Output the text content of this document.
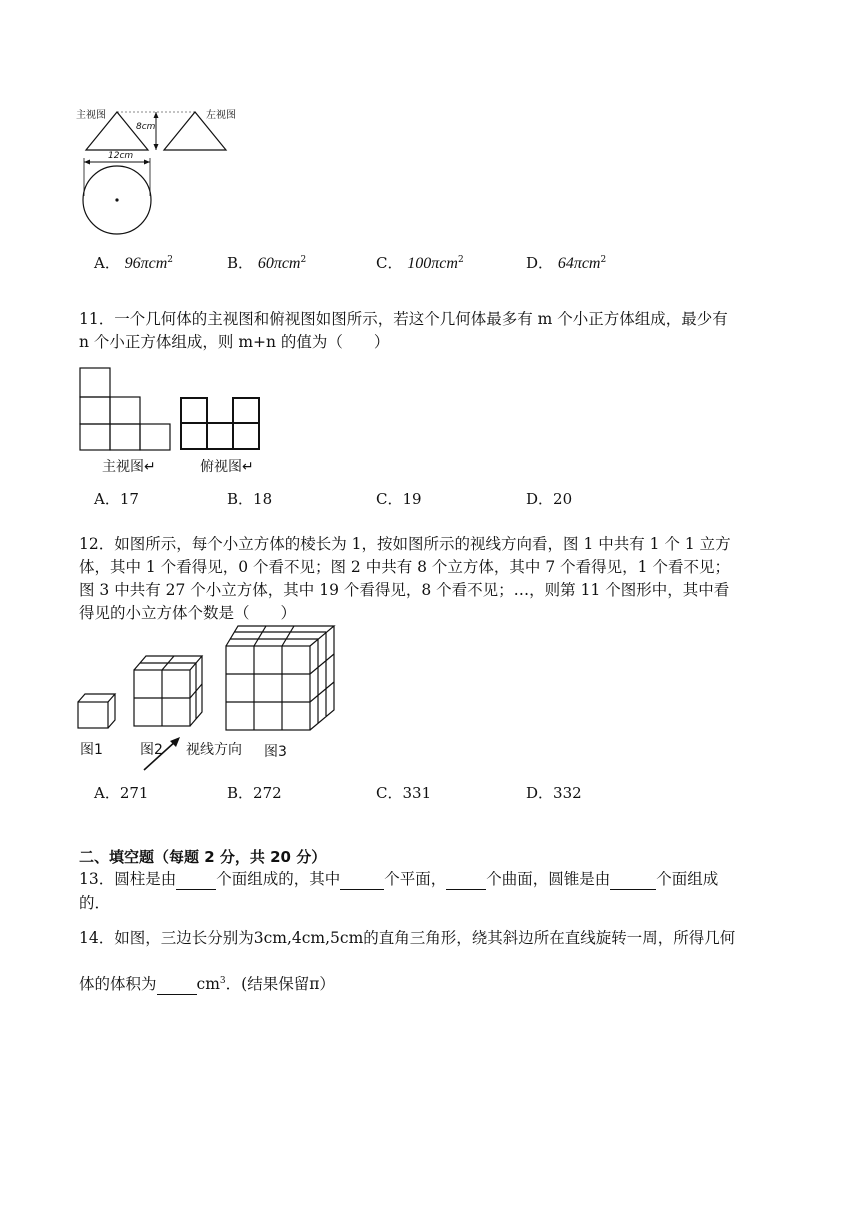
主视图	左视图
8cm
12cm
A． 96πcm$^2$	B． 60πcm$^2$	C． 100πcm$^2$	D． 64πcm$^2$
11．一个几何体的主视图和俯视图如图所示，若这个几何体最多有 m 个小正方体组成，最少有
n 个小正方体组成，则 m+n 的值为（　　）
主视图↵	俯视图↵
A．17	B．18	C．19	D．20
12．如图所示，每个小立方体的棱长为 1，按如图所示的视线方向看，图 1 中共有 1 个 1 立方
体，其中 1 个看得见，0 个看不见；图 2 中共有 8 个立方体，其中 7 个看得见，1 个看不见；
图 3 中共有 27 个小立方体，其中 19 个看得见，8 个看不见；…，则第 11 个图形中，其中看
得见的小立方体个数是（　　）
图1	图2 视线方向 图3
A．271	B．272	C．331	D．332
二、填空题（每题 2 分，共 20 分）
13．圆柱是由	个面组成的，其中	个平面，	个曲面，圆锥是由	个面组成
的．
14．如图，三边长分别为3cm,4cm,5cm的直角三角形，绕其斜边所在直线旋转一周，所得几何
体的体积为	$cm^3$．(结果保留π）
